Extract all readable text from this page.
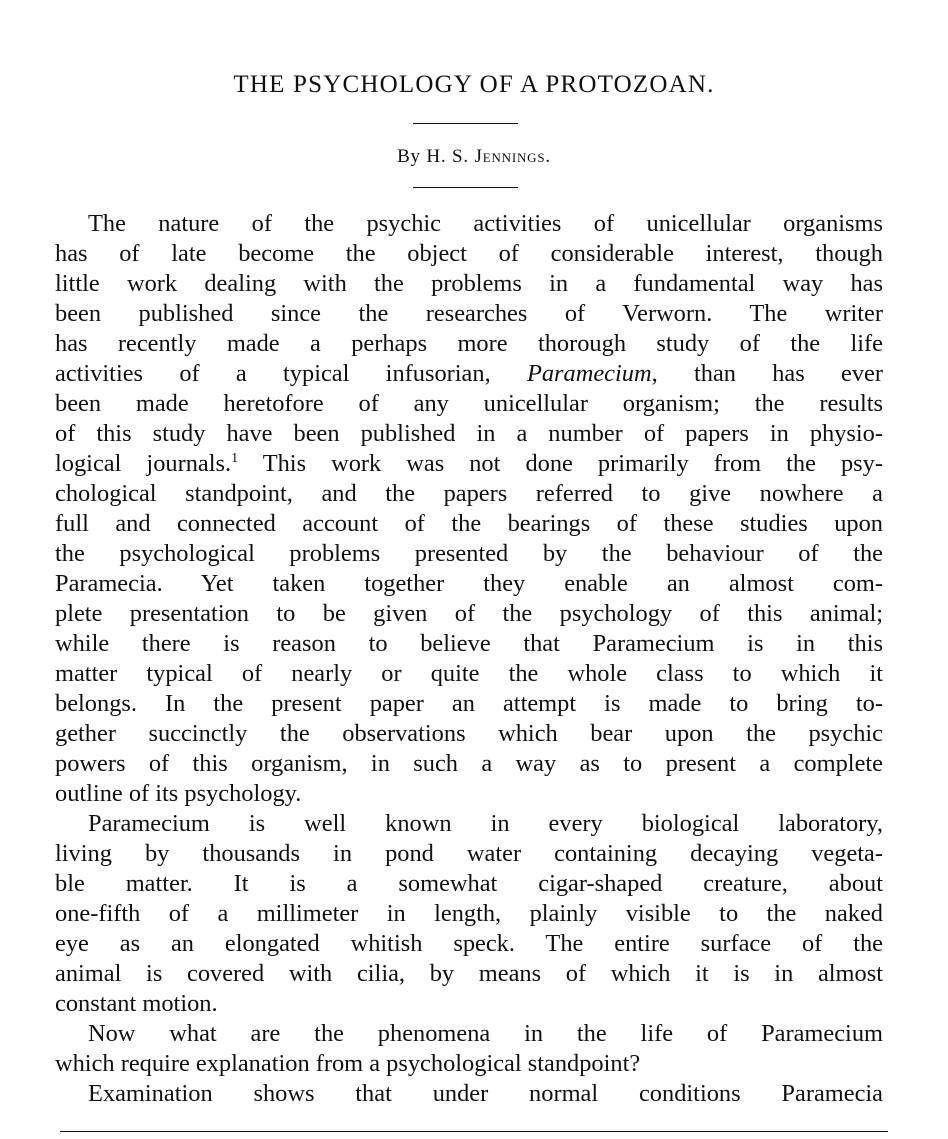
THE PSYCHOLOGY OF A PROTOZOAN.
By H. S. Jennings.
The nature of the psychic activities of unicellular organisms
has of late become the object of considerable interest, though
little work dealing with the problems in a fundamental way has
been published since the researches of Verworn. The writer
has recently made a perhaps more thorough study of the life
activities of a typical infusorian, Paramecium, than has ever
been made heretofore of any unicellular organism; the results
of this study have been published in a number of papers in physio-
logical journals.$^1$ This work was not done primarily from the psy-
chological standpoint, and the papers referred to give nowhere a
full and connected account of the bearings of these studies upon
the psychological problems presented by the behaviour of the
Paramecia. Yet taken together they enable an almost com-
plete presentation to be given of the psychology of this animal;
while there is reason to believe that Paramecium is in this
matter typical of nearly or quite the whole class to which it
belongs. In the present paper an attempt is made to bring to-
gether succinctly the observations which bear upon the psychic
powers of this organism, in such a way as to present a complete
outline of its psychology.
Paramecium is well known in every biological laboratory,
living by thousands in pond water containing decaying vegeta-
ble matter. It is a somewhat cigar-shaped creature, about
one-fifth of a millimeter in length, plainly visible to the naked
eye as an elongated whitish speck. The entire surface of the
animal is covered with cilia, by means of which it is in almost
constant motion.
Now what are the phenomena in the life of Paramecium
which require explanation from a psychological standpoint?
Examination shows that under normal conditions Paramecia
